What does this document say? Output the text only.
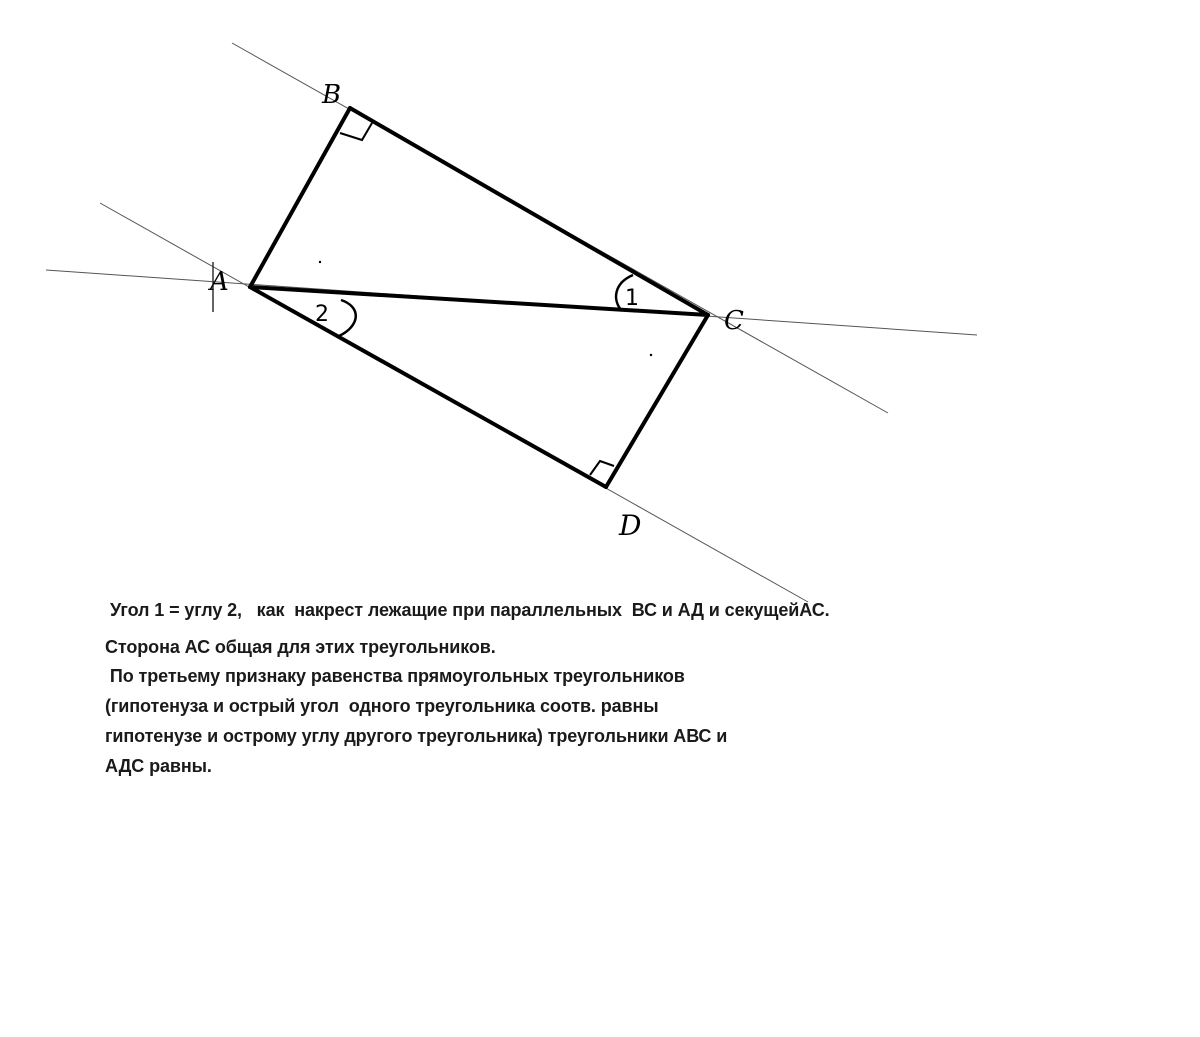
B
A
C
D
1
2
Угол 1 = углу 2,   как  накрест лежащие при параллельных  ВС и АД и секущейАС.
Сторона АС общая для этих треугольников.
По третьему признаку равенства прямоугольных треугольников
(гипотенуза и острый угол  одного треугольника соотв. равны
гипотенузе и острому углу другого треугольника) треугольники АВС и
АДС равны.
